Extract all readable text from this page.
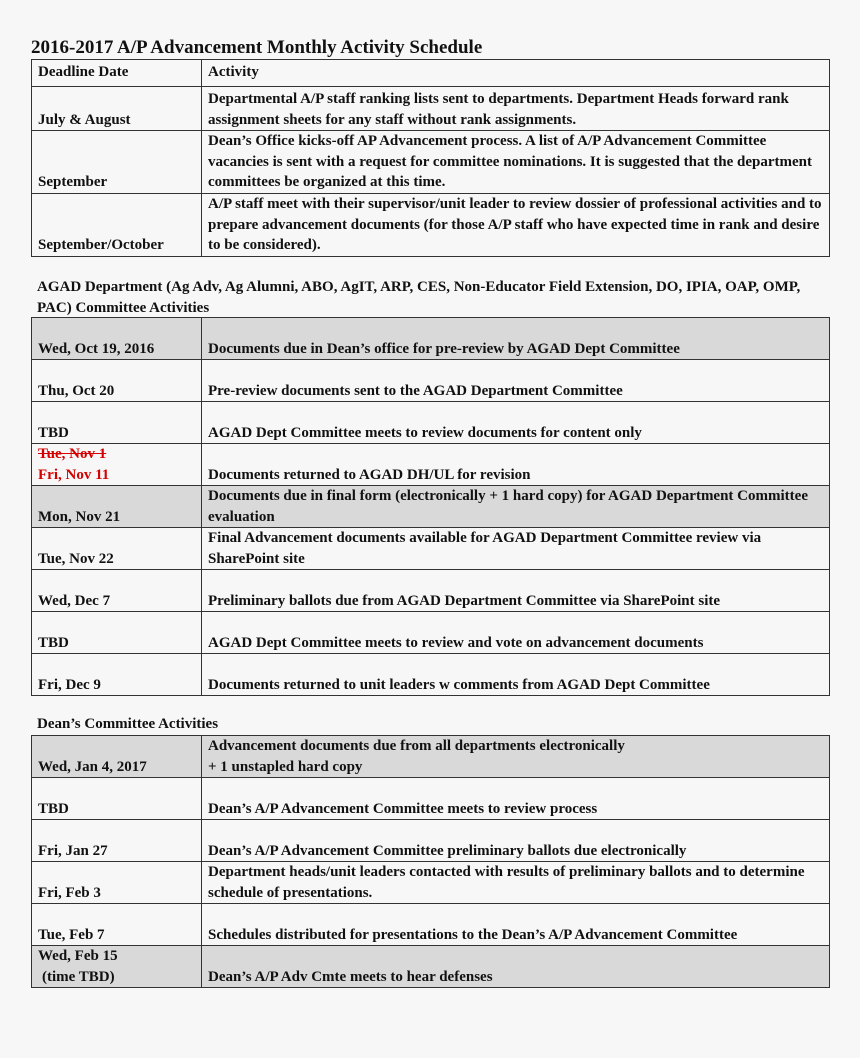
2016-2017 A/P Advancement Monthly Activity Schedule
Deadline Date	Activity
July & August	Departmental A/P staff ranking lists sent to departments. Department Heads forward rank assignment sheets for any staff without rank assignments.
September	Dean’s Office kicks-off AP Advancement process. A list of A/P Advancement Committee vacancies is sent with a request for committee nominations. It is suggested that the department committees be organized at this time.
September/October	A/P staff meet with their supervisor/unit leader to review dossier of professional activities and to prepare advancement documents (for those A/P staff who have expected time in rank and desire to be considered).
AGAD Department (Ag Adv, Ag Alumni, ABO, AgIT, ARP, CES, Non-Educator Field Extension, DO, IPIA, OAP, OMP, PAC) Committee Activities
Wed, Oct 19, 2016	Documents due in Dean’s office for pre-review by AGAD Dept Committee
Thu, Oct 20	Pre-review documents sent to the AGAD Department Committee
TBD	AGAD Dept Committee meets to review documents for content only

Tue, Nov 1
Fri, Nov 11	Documents returned to AGAD DH/UL for revision
Mon, Nov 21	Documents due in final form (electronically + 1 hard copy) for AGAD Department Committee evaluation
Tue, Nov 22	Final Advancement documents available for AGAD Department Committee review via SharePoint site
Wed, Dec 7	Preliminary ballots due from AGAD Department Committee via SharePoint site
TBD	AGAD Dept Committee meets to review and vote on advancement documents
Fri, Dec 9	Documents returned to unit leaders w comments from AGAD Dept Committee
Dean’s Committee Activities
Wed, Jan 4, 2017	Advancement documents due from all departments electronically
+ 1 unstapled hard copy

TBD	Dean’s A/P Advancement Committee meets to review process
Fri, Jan 27	Dean’s A/P Advancement Committee preliminary ballots due electronically
Fri, Feb 3	Department heads/unit leaders contacted with results of preliminary ballots and to determine schedule of presentations.
Tue, Feb 7	Schedules distributed for presentations to the Dean’s A/P Advancement Committee

Wed, Feb 15
(time TBD)	Dean’s A/P Adv Cmte meets to hear defenses
